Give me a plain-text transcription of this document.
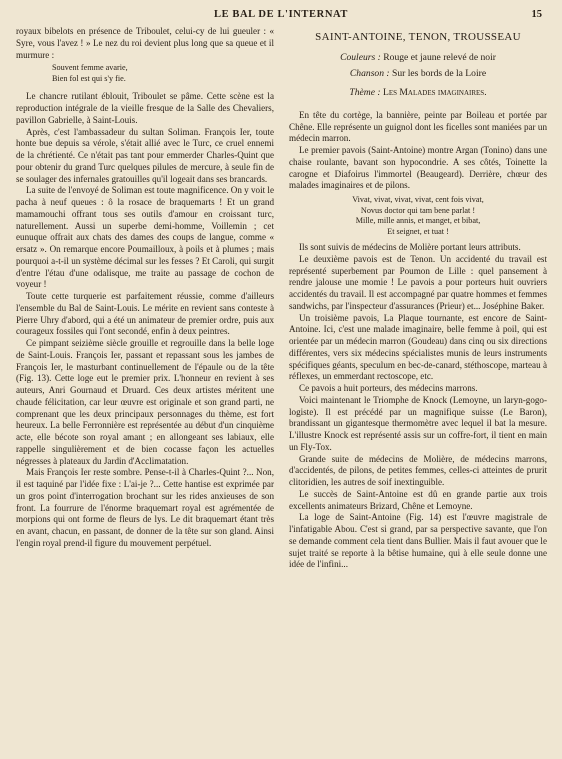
LE BAL DE L'INTERNAT	15

royaux bibelots en présence de Triboulet, celui-cy de lui gueuler : « Syre, vous l'avez ! » Le nez du roi devient plus long que sa queue et il murmure :

Souvent femme avarie,
Bien fol est qui s'y fie.

Le chancre rutilant éblouit, Triboulet se pâme. Cette scène est la reproduction intégrale de la vieille fresque de la Salle des Chevaliers, pavillon Gabrielle, à Saint-Louis.

Après, c'est l'ambassadeur du sultan Soliman. François Ier, toute honte bue depuis sa vérole, s'était allié avec le Turc, ce cruel ennemi de la chrétienté. Ce n'était pas tant pour emmerder Charles-Quint que pour obtenir du grand Turc quelques pilules de mercure, à seule fin de se soulager des infernales gratouilles qu'il logeait dans ses brancards.

La suite de l'envoyé de Soliman est toute magnificence. On y voit le pacha à neuf queues : ô la rosace de braquemarts ! Et un grand mamamouchi offrant tous ses outils d'amour en croissant turc, naturellement. Aussi un superbe demi-homme, Voillemin ; cet eunuque offrait aux chats des dames des coups de langue, comme « ersatz ». On remarque encore Poumailloux, à poils et à plumes ; mais pourquoi a-t-il un système décimal sur les fesses ? Et Caroli, qui surgit d'entre l'étau d'une odalisque, me traite au passage de cochon de voyeur !

Toute cette turquerie est parfaitement réussie, comme d'ailleurs l'ensemble du Bal de Saint-Louis. Le mérite en revient sans conteste à Pierre Uhry d'abord, qui a été un animateur de premier ordre, puis aux courageux fossiles qui l'ont secondé, enfin à deux peintres.

Ce pimpant seizième siècle grouille et regrouille dans la belle loge de Saint-Louis. François Ier, passant et repassant sous les jambes de François Ier, le masturbant continuellement de l'épaule ou de la tête (Fig. 13). Cette loge eut le premier prix. L'honneur en revient à ses auteurs, Anri Gournaud et Druard. Ces deux artistes méritent une chaude félicitation, car leur œuvre est originale et son grand parti, ne comprenant que les deux principaux personnages du thème, est fort heureux. La belle Ferronnière est représentée au début d'un cinquième acte, elle bécote son royal amant ; en allongeant ses labiaux, elle rappelle singulièrement et de bien cocasse façon les actuelles négresses à plateaux du Jardin d'Acclimatation.

Mais François Ier reste sombre. Pense-t-il à Charles-Quint ?... Non, il est taquiné par l'idée fixe : L'ai-je ?... Cette hantise est exprimée par un gros point d'interrogation brochant sur les rides anxieuses de son front. La fourrure de l'énorme braquemart royal est agrémentée de morpions qui ont forme de fleurs de lys. Le dit braquemart étant très en avant, chacun, en passant, de donner de la tête sur son gland. Ainsi l'engin royal prend-il figure du mouvement perpétuel.

SAINT-ANTOINE, TENON, TROUSSEAU
Couleurs : Rouge et jaune relevé de noir
Chanson : Sur les bords de la Loire
Thème : Les Malades imaginaires.

En tête du cortège, la bannière, peinte par Boileau et portée par Chêne. Elle représente un guignol dont les ficelles sont maniées par un médecin marron.

Le premier pavois (Saint-Antoine) montre Argan (Tonino) dans une chaise roulante, bavant son hypocondrie. A ses côtés, Toinette la carogne et Diafoirus l'immortel (Beaugeard). Derrière, chœur des malades imaginaires et de pilons.

Vivat, vivat, vivat, vivat, cent fois vivat,
Novus doctor qui tam bene parlat !
Mille, mille annis, et manget, et bibat,
Et seignet, et tuat !

Ils sont suivis de médecins de Molière portant leurs attributs.

Le deuxième pavois est de Tenon. Un accidenté du travail est représenté superbement par Poumon de Lille : quel pansement à rendre jalouse une momie ! Le pavois a pour porteurs huit ouvriers accidentés du travail. Il est accompagné par quatre hommes et femmes sandwichs, par l'inspecteur d'assurances (Prieur) et... Joséphine Baker.

Un troisième pavois, La Plaque tournante, est encore de Saint-Antoine. Ici, c'est une malade imaginaire, belle femme à poil, qui est orientée par un médecin marron (Goudeau) dans cinq ou six directions différentes, vers six médecins spécialistes munis de leurs instruments spécifiques géants, speculum en bec-de-canard, stéthoscope, marteau à réflexes, un emmerdant rectoscope, etc.

Ce pavois a huit porteurs, des médecins marrons.

Voici maintenant le Triomphe de Knock (Lemoyne, un laryn-gogo-logiste). Il est précédé par un magnifique suisse (Le Baron), brandissant un gigantesque thermomètre avec lequel il bat la mesure. L'illustre Knock est représenté assis sur un coffre-fort, il tient en main un Fly-Tox.

Grande suite de médecins de Molière, de médecins marrons, d'accidentés, de pilons, de petites femmes, celles-ci atteintes de prurit clitoridien, les autres de soif inextinguible.

Le succès de Saint-Antoine est dû en grande partie aux trois excellents animateurs Brizard, Chêne et Lemoyne.

La loge de Saint-Antoine (Fig. 14) est l'œuvre magistrale de l'infatigable Abou. C'est si grand, par sa perspective savante, que l'on se demande comment cela tient dans Bullier. Mais il faut avouer que le sujet traité se reporte à la bêtise humaine, qui à elle seule donne une idée de l'infini...
